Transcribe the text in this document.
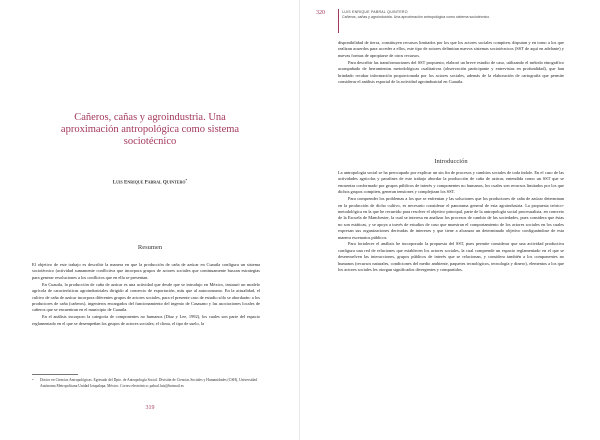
Cañeros, cañas y agroindustria. Una aproximación antropológica como sistema sociotécnico
Luis Enrique Pabral Quintero*
Resumen

El objetivo de este trabajo es describir la manera en que la producción de caña de azúcar en Cuautla configura un sistema sociotécnico (actividad sumamente conflictiva que incorpora grupos de actores sociales que continuamente buscan estrategias para generar resoluciones a los conflictos que en ella se presentan.

En Cuautla, la producción de caña de azúcar es una actividad que desde que se introdujo en México, instauró un modelo agrícola de características agroindustriales dirigido al comercio de exportación, más que al autoconsumo. En la actualidad, el cultivo de caña de azúcar incorpora diferentes grupos de actores sociales, para el presente caso de estudio sólo se abordarán: a los productores de caña (cañeros), ingenieros encargados del funcionamiento del ingenio de Casasano y las asociaciones locales de cañeros que se encuentran en el municipio de Cuautla.

En el análisis incorporo la categoría de componentes no humanos (Díaz y Lee, 1992), los cuales son parte del espacio reglamentado en el que se desempeñan los grupos de actores sociales; el clima, el tipo de suelo, la

* Doctor en Ciencias Antropológicas. Egresado del Dpto. de Antropología Social. División de Ciencias Sociales y Humanidades (CSH), Universidad Autónoma Metropolitana Unidad Iztapalapa, México. Correo electrónico: pabral.luis@hotmail.es
319
320	LUIS ENRIQUE PABRAL QUINTERO
Cañeros, cañas y agroindustria. Una aproximación antropológica como sistema sociotécnico

disponibilidad de tierra, constituyen recursos limitados por los que los actores sociales compiten, disputan y en torno a los que realizan acuerdos para acceder a ellos, este tipo de actores delimitan nuevos sistemas sociotécnicos (SST de aquí en adelante) y nuevas formas de apropiarse de otros recursos.

Para describir las transformaciones del SST propuesto, elaboró un breve estudio de caso, utilizando el método etnográfico acompañado de herramientas metodológicas cualitativas (observación participante y entrevistas en profundidad), que han brindado recabar información proporcionada por los actores sociales, además de la elaboración de cartografía que permite considerar el análisis espacial de la actividad agroindustrial en Cuautla.

Introducción

La antropología social se ha preocupado por explicar un sin fin de procesos y cambios sociales de toda índole. En el caso de las actividades agrícolas y parafines de este trabajo abordar la producción de caña de azúcar, entendida como un SST que se encuentra conformado por grupos públicos de interés y componentes no humanos, los cuales son recursos limitados por los que dichos grupos compiten, generan tensiones y complejizan los SST.

Para comprender los problemas a los que se enfrentan y las soluciones que los productores de caña de azúcar determinan en la producción de dicho cultivo, es necesario considerar el panorama general de esta agroindustria. La propuesta teórico-metodológica en la que he recurrido para resolver el objetivo principal, parte de la antropología social procesualista, en concreto de la Escuela de Manchester, la cual se interesa en analizar los procesos de cambio de las sociedades, pues considera que éstas no son estáticas, y se apoya a través de estudios de caso que muestran el comportamiento de los actores sociales en los cuales expresan sus organizaciones derivadas de intereses y que tiene a alcanzar un determinado objetivo configurándose de esta manera escenarios públicos.

Para fortalecer el análisis he incorporado la propuesta del SST, pues permite considerar que una actividad productiva configura una red de relaciones que establecen los actores sociales, la cual comprende un espacio reglamentado en el que se desenvuelven las interacciones, grupos públicos de interés que se relacionan, y considera también a los componentes no humanos (recursos naturales, condiciones del medio ambiente, paquetes tecnológicos, tecnología y dinero), elementos a los que los actores sociales les otorgan significados divergentes y compartidos.
